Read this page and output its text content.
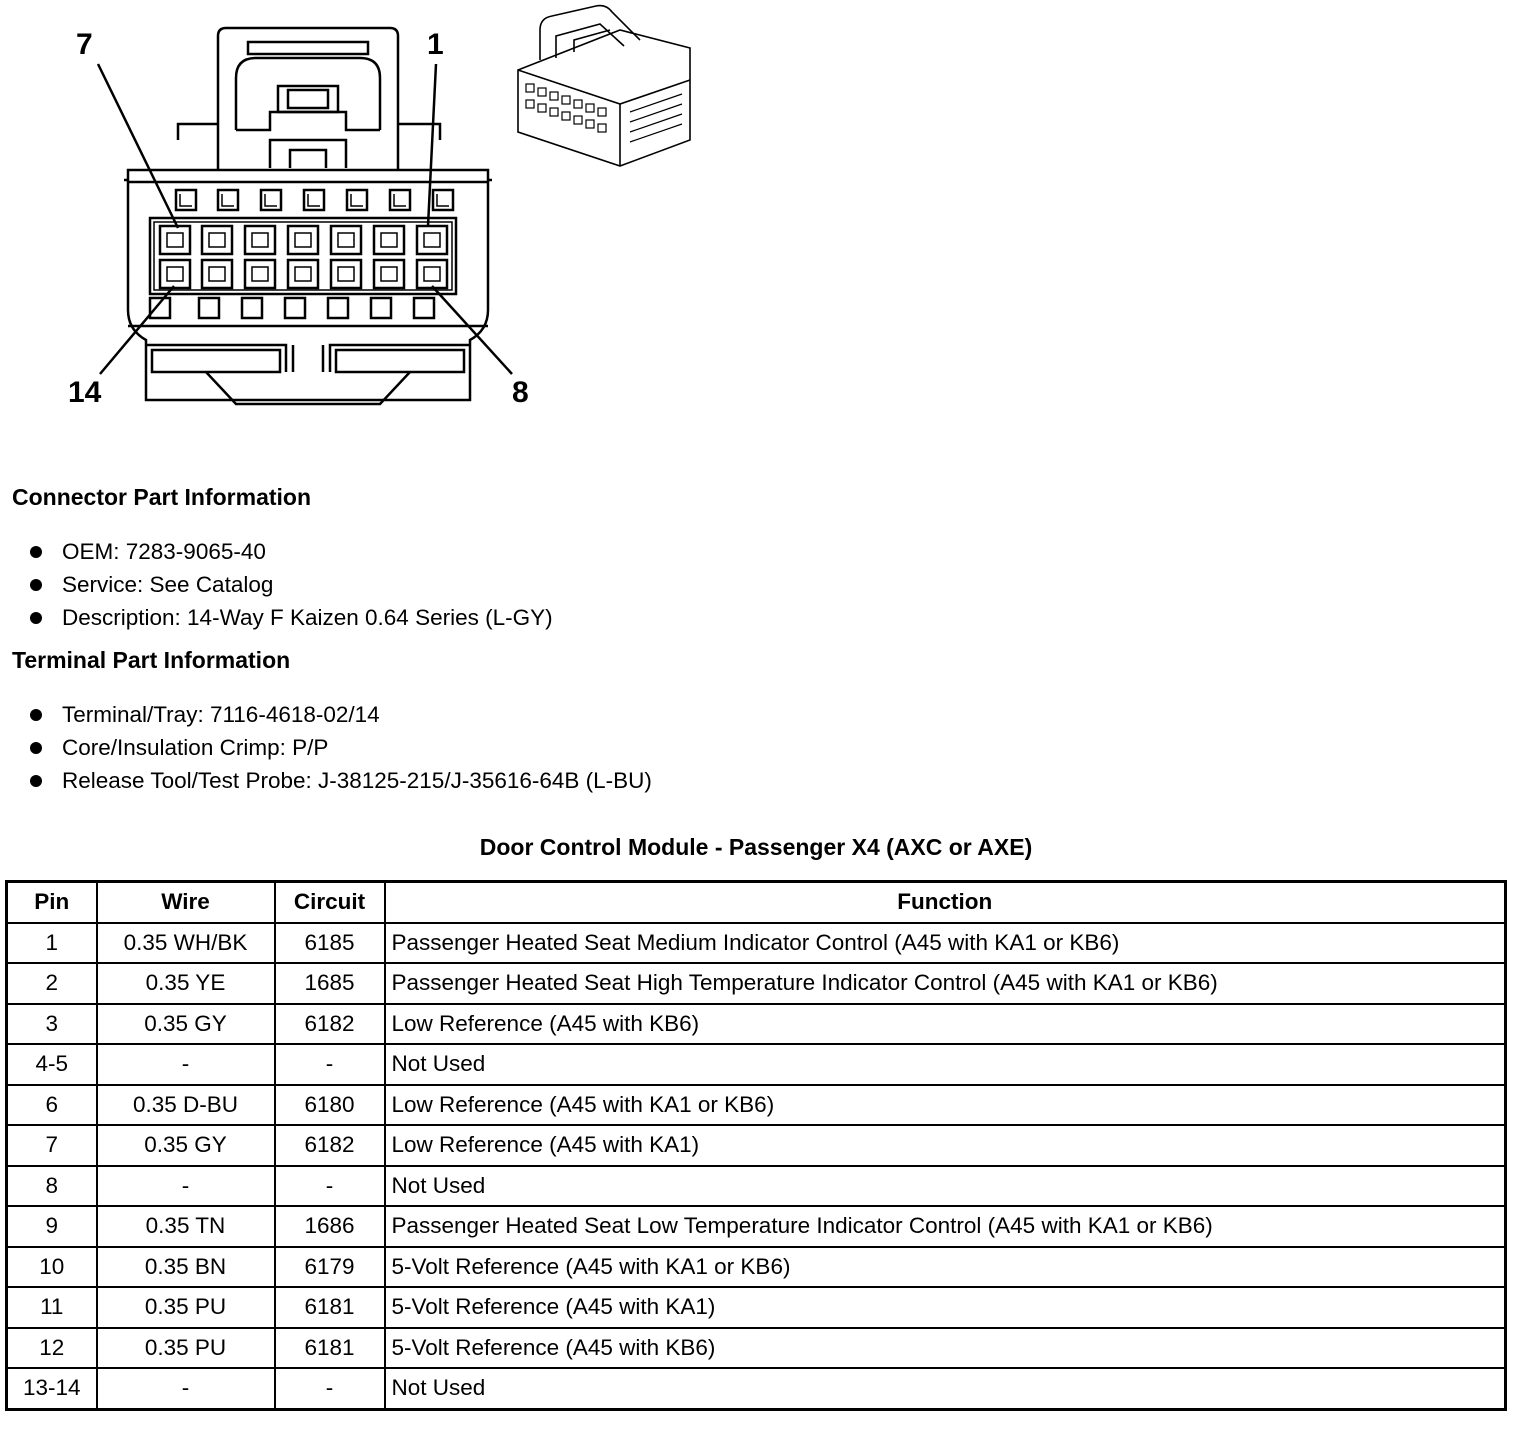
7	1
14	8
Connector Part Information
OEM: 7283-9065-40
Service: See Catalog
Description: 14-Way F Kaizen 0.64 Series (L-GY)
Terminal Part Information
Terminal/Tray: 7116-4618-02/14
Core/Insulation Crimp: P/P
Release Tool/Test Probe: J-38125-215/J-35616-64B (L-BU)
Door Control Module - Passenger X4 (AXC or AXE)
Pin	Wire	Circuit	Function
1	0.35 WH/BK	6185	Passenger Heated Seat Medium Indicator Control (A45 with KA1 or KB6)
2	0.35 YE	1685	Passenger Heated Seat High Temperature Indicator Control (A45 with KA1 or KB6)
3	0.35 GY	6182	Low Reference (A45 with KB6)
4-5	-	-	Not Used
6	0.35 D-BU	6180	Low Reference (A45 with KA1 or KB6)
7	0.35 GY	6182	Low Reference (A45 with KA1)
8	-	-	Not Used
9	0.35 TN	1686	Passenger Heated Seat Low Temperature Indicator Control (A45 with KA1 or KB6)
10	0.35 BN	6179	5-Volt Reference (A45 with KA1 or KB6)
11	0.35 PU	6181	5-Volt Reference (A45 with KA1)
12	0.35 PU	6181	5-Volt Reference (A45 with KB6)
13-14	-	-	Not Used
